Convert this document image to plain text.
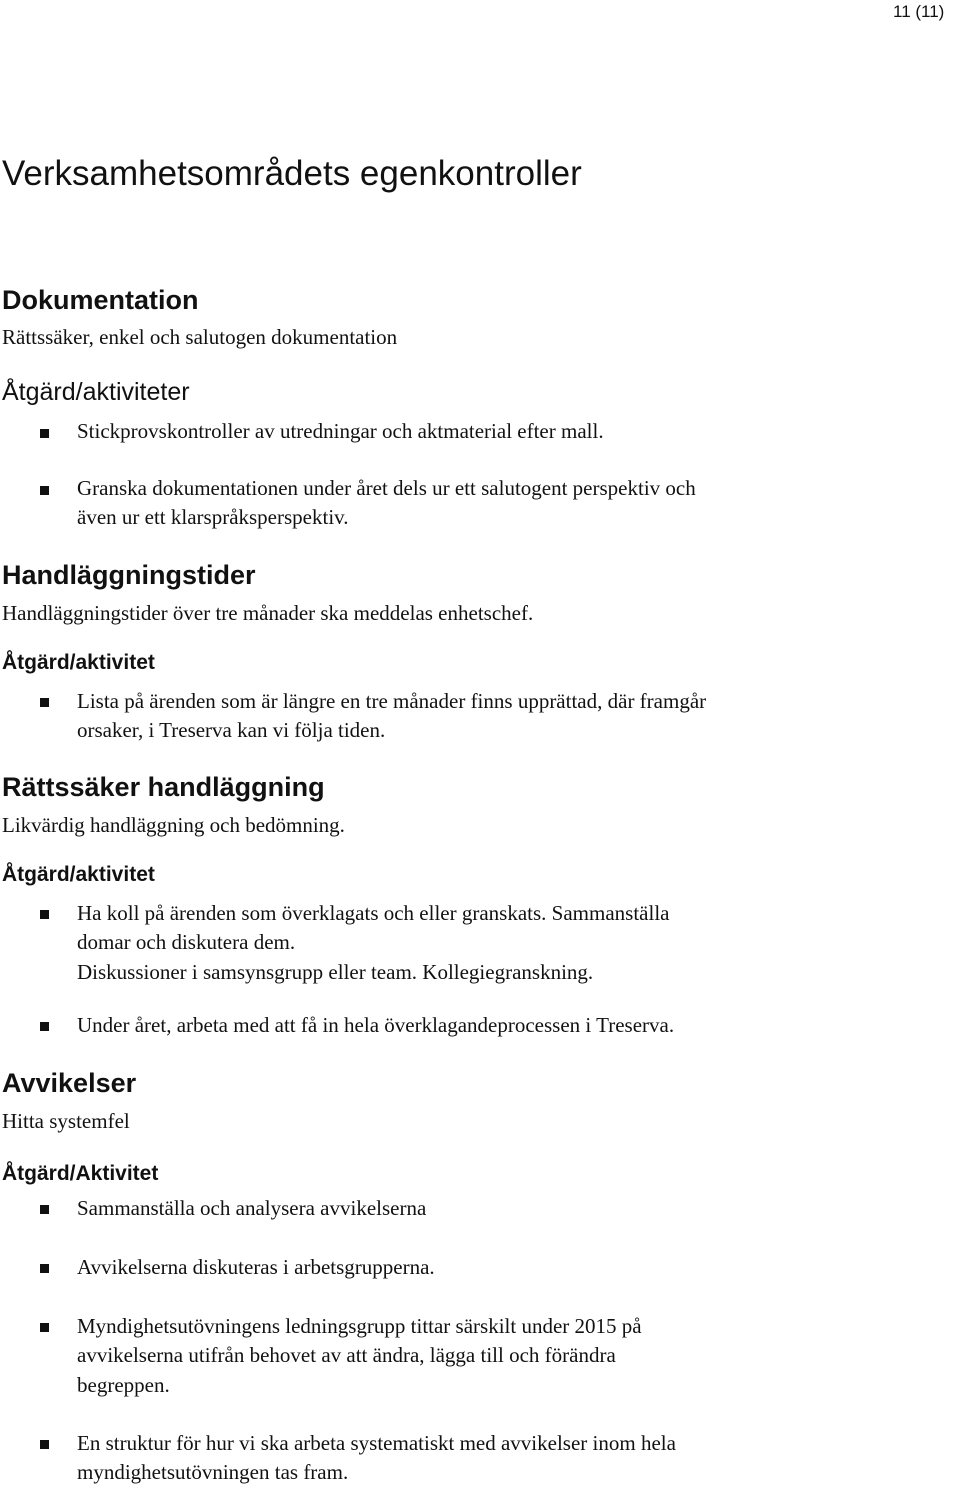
11 (11)
Verksamhetsområdets egenkontroller
Dokumentation
Rättssäker, enkel och salutogen dokumentation
Åtgärd/aktiviteter
Stickprovskontroller av utredningar och aktmaterial efter mall.
Granska dokumentationen under året dels ur ett salutogent perspektiv och
även ur ett klarspråksperspektiv.
Handläggningstider
Handläggningstider över tre månader ska meddelas enhetschef.
Åtgärd/aktivitet
Lista på ärenden som är längre en tre månader finns upprättad, där framgår
orsaker, i Treserva kan vi följa tiden.
Rättssäker handläggning
Likvärdig handläggning och bedömning.
Åtgärd/aktivitet
Ha koll på ärenden som överklagats och eller granskats. Sammanställa
domar och diskutera dem.
Diskussioner i samsynsgrupp eller team. Kollegiegranskning.
Under året, arbeta med att få in hela överklagandeprocessen i Treserva.
Avvikelser
Hitta systemfel
Åtgärd/Aktivitet
Sammanställa och analysera avvikelserna
Avvikelserna diskuteras i arbetsgrupperna.
Myndighetsutövningens ledningsgrupp tittar särskilt under 2015 på
avvikelserna utifrån behovet av att ändra, lägga till och förändra
begreppen.
En struktur för hur vi ska arbeta systematiskt med avvikelser inom hela
myndighetsutövningen tas fram.
